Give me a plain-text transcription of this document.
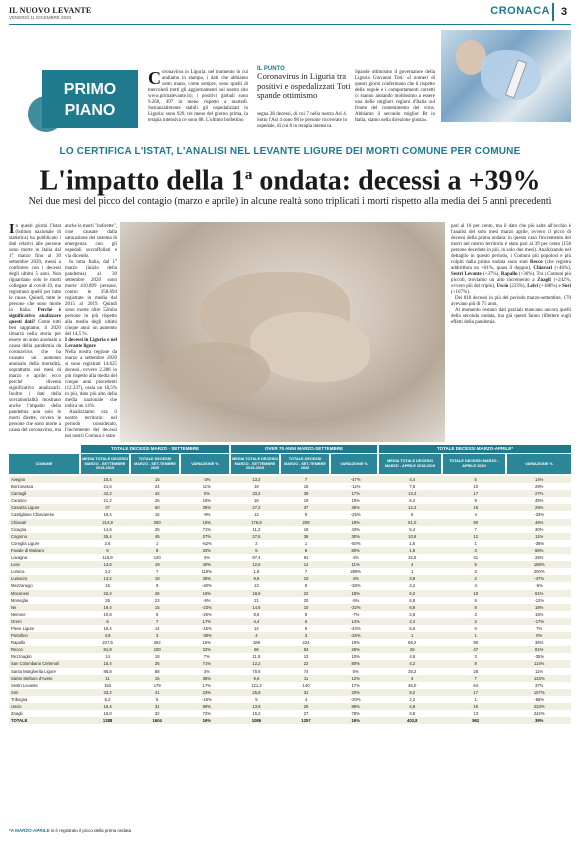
IL NUOVO LEVANTE
VENERDÌ 11 DICEMBRE 2020
CRONACA 3
PRIMO
PIANO
Coronavirus in Liguria: nel momento in cui andiamo in stampa, i dati che abbiamo sotto mano, come sempre, sono quelli di mercoledì (tutti gli aggiornamenti sul nostro sito www.primalevante.it); i positivi globali sono 9.266, 497 in meno rispetto a martedì. Sostanzialmente stabili gli ospedalizzati in Liguria: sono 929, tre meno del giorno prima, in terapia intensiva ce sono 88. L'ultimo bollettino
IL PUNTO
Coronavirus in Liguria tra positivi e ospedalizzati Toti spande ottimismo
segna 28 decessi, di cui 7 nella nostra Asl 4. Sotto l'Asl 4 sono 98 le persone ricoverate in ospedale, di cui 8 in terapia intensiva.
Spande ottimismo il governatore della Liguria Giovanni Toti: «I numeri di questi giorni confermano che il rispetto delle regole e i comportamenti corretti ci stanno aiutando moltissimo a essere una delle migliori regioni d'Italia sul fronte del contenimento del virus. Abbiamo il secondo miglior Rt in Italia, siamo nella direzione giusta».
LO CERTIFICA L'ISTAT, L'ANALISI NEL LEVANTE LIGURE DEI MORTI COMUNE PER COMUNE
L'impatto della 1$^a$ ondata: decessi a +39%
Nei due mesi del picco del contagio (marzo e aprile) in alcune realtà sono triplicati i morti rispetto alla media dei 5 anni precedenti
In questi giorni l'Istat (Istituto nazionale di statistica) ha pubblicato i dati relativi alle persone sono morte in Italia dal 1° marzo fino al 30 settembre 2020, messi a confronto con i decessi degli ultimi 5 anni. Non riguardano solo le morti collegate al covid-19, ma registrano quelli per tutte le cause. Quindi, tutte le persone che sono morte in Italia. Perché è significativo analizzare questi dati? Come tutti ben sappiamo, il 2020 rimarrà nella storia per essere un anno anomalo a causa della pandemia da coronavirus che ha causato un aumento anomalo della mortalità, soprattutto nei mesi di marzo e aprile: ecco perché diventa significativo analizzarli. Inoltre i dati della sovramortalità mostrano anche l'impatto della pandemia non solo le morti dirette, ovvero le persone che sono morte a causa del coronavirus, ma
anche le morti "indirette", cioè causate dalla saturazione del sistema di emergenza con gli ospedali sovraffollati e via dicendo.
In tutta Italia, dal 1° marzo (inizio della pandemia) al 30 settembre 2020 sono morte 410.899 persone, contro le 358.694 registrate in media dal 2015 al 2019. Quindi sono morte oltre 52mila persone in più rispetto alla media degli ultimi cinque anni: un aumento del 14,5 %.
I decessi in Liguria e nel Levante ligure
Nella nostra regione da marzo a settembre 2020 si sono registrati 14.625 decessi, ovvero 2.288 in più rispetto alla media del cinque anni precedenti (12.337), ossia un 18,5% in più, dato più alto della media nazionale che indica un 14%.
Analizziamo ora il nostro territorio: nel periodo considerato, l'incremento dei decessi nei nostri Comuni è stato
pari al 16 per cento, ma il dato che più salta all'occhio è l'analisi del solo mesi marzo aprile, ovvero il picco di decessi della prima ondata: in questo caso l'incremento dei morti nel nostro territorio è stato pari al 39 per cento (158 persone decedute in più, in solo due mesi). Analizzando nel dettaglio in questo periodo, i Comuni più popolosi e più colpiti dalla prima ondata sono stati Recco (che registra addirittura un +81%, quasi il doppio), Chiavari (+46%), Sestri Levante (+37%), Rapallo (+36%). Tra i Comuni più piccoli, troviamo un alto incremento a Zoagli (+242%, ovvero più del triplo), Uscio (233%), Leivi (+188%) e Sori (+167%).
Dei 818 decessi in più del periodo marzo-settembre, 170 avevano più di 75 anni.
Al momento restano dati parziali mancano ancora quelli della seconda ondata, ma già questi fanno riflettere sugli effetti della pandemia.
TOTALE DECESSI MARZO - SETTEMBRE	OVER 75 ANNI MARZO-SETTEMBRE	TOTALE DECESSI MARZO-APRILE*
COMUNE
MEDIA TOTALE DECESSI MARZO - SETTEMBRE 2015-2019
TOTALE DECESSI MARZO - SET-TEMBRE 2020
VARIAZIONE %
MEDIA TOTALE DECESSI MARZO - SETTEMBRE 2015-2019
TOTALE DECESSI MARZO - SET-TEMBRE 2020
VARIAZIONE %
MEDIA TOTALE DECESSI MARZO - APRILE 2015-2019
TOTALE DECESSI MARZO - APRILE 2020
VARIAZIONE %
Avegno	15,4	15	-3%	13,2	7	-47%	4,4	5	14%
Borzonasca	21,6	24	11%	18	16	-11%	7,8	10	28%
Camogli	42,2	42	0%	33,2	39	17%	13,4	17	27%
Carasco	21,2	25	18%	16	19	19%	6,2	9	45%
Casarza Ligure	37	50	35%	27,2	37	36%	12,4	16	29%
Castiglione Chiavarese	16,4	15	-9%	12	9	-25%	6	4	-33%
Chiavari	214,8	250	16%	176,8	208	18%	61,0	90	46%
Cicagna	14,6	25	71%	11,2	16	43%	5,4	7	30%
Cogorno	35,4	45	27%	27,6	36	30%	10,8	12	11%
Coreglia Ligure	2,6	1	-62%	2	1	-50%	1,6	1	-38%
Favale di Malvaro	6	8	33%	5	8	60%	1,8	3	66%
Lavagna	115,8	120	4%	87,4	91	4%	32,6	41	26%
Leivi	13,6	19	40%	12,6	14	11%	4	5	188%
Lorsica	3,2	7	119%	1,8	7	289%	1	3	200%
Lumarzo	13,2	18	36%	9,6	10	4%	3,8	2	-47%
Mezzanego	15	9	-40%	13	8	-38%	4,2	4	-5%
Moconesi	22,4	26	16%	18,6	22	18%	6,2	10	61%
Moneglia	25	23	-8%	21	20	-5%	6,8	6	-12%
Ne	19,4	15	-23%	14,6	10	-32%	6,8	8	18%
Neirone	10,8	8	-26%	8,6	8	-7%	2,6	3	15%
Orero	6	7	17%	4,4	5	14%	2,4	2	-17%
Pieve Ligure	16,4	14	-15%	14	8	-43%	5,6	6	7%
Portofino	4,8	3	-38%	4	3	-25%	1	1	0%
Rapallo	227,6	262	15%	188	224	19%	66,2	90	36%
Recco	81,8	100	22%	66	83	26%	26	47	81%
Rezzoaglio	14	15	7%	11,8	13	10%	4,6	3	-35%
San Colombano Certenoli	15,4	26	71%	12,2	22	80%	4,2	8	114%
Santa Margherita Ligure	85,8	88	3%	70,6	74	5%	25,2	28	11%
Santo Stefano d'Aveto	11	15	36%	9,6	11	12%	3	7	133%
Sestri Levante	152	178	17%	121,2	140	17%	46,0	64	37%
Sori	33,2	41	23%	25,8	31	20%	8,2	17	107%
Tribogna	6,2	5	-19%	5	4	-20%	2,2	1	-55%
Uscio	16,4	31	89%	13,8	26	88%	4,8	16	233%
Zoagli	16,8	32	72%	15,2	27	78%	3,8	13	242%
TOTALE	1388	1604	16%	1086	1257	16%	403,8	562	39%
*A MARZO-APRILE si è registrato il picco della prima ondata
